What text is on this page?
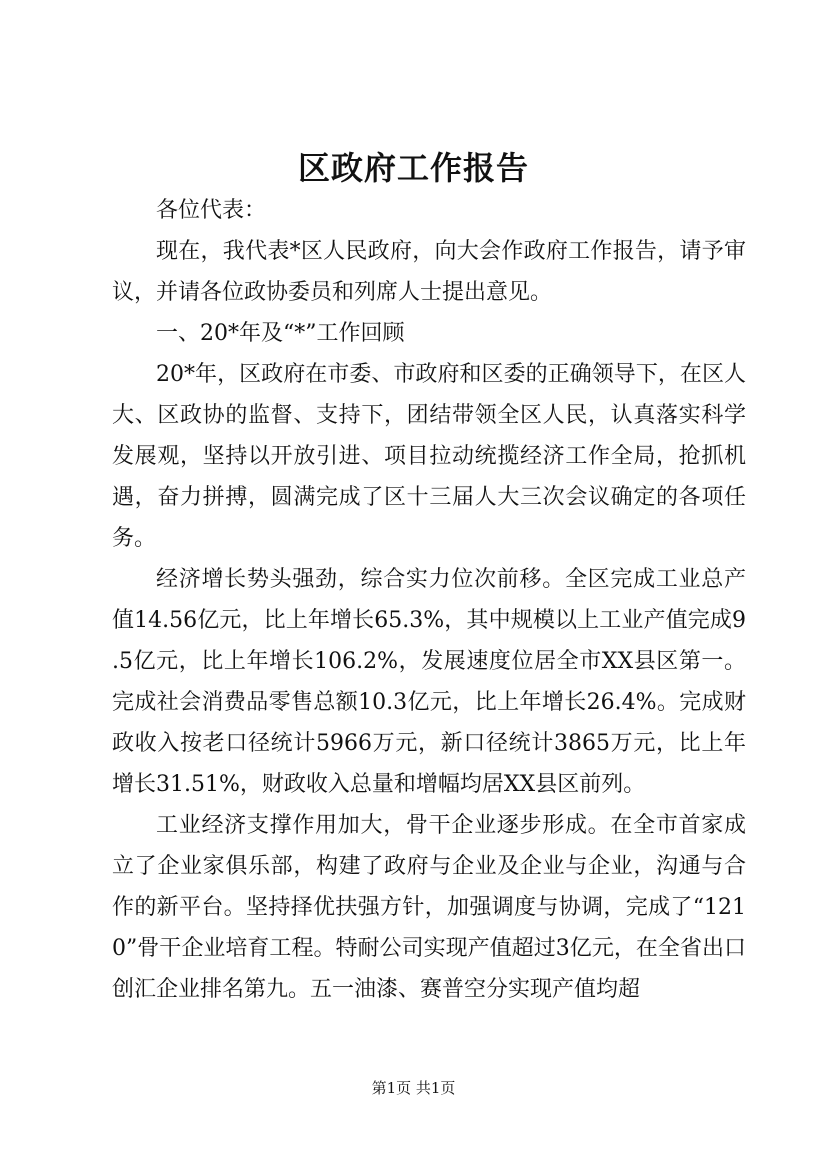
区政府工作报告

各位代表：

现在，我代表*区人民政府，向大会作政府工作报告，请予审议，并请各位政协委员和列席人士提出意见。

一、20*年及“*”工作回顾

20*年，区政府在市委、市政府和区委的正确领导下，在区人大、区政协的监督、支持下，团结带领全区人民，认真落实科学发展观，坚持以开放引进、项目拉动统揽经济工作全局，抢抓机遇，奋力拼搏，圆满完成了区十三届人大三次会议确定的各项任务。

经济增长势头强劲，综合实力位次前移。全区完成工业总产值14.56亿元，比上年增长65.3%，其中规模以上工业产值完成9.5亿元，比上年增长106.2%，发展速度位居全市XX县区第一。完成社会消费品零售总额10.3亿元，比上年增长26.4%。完成财政收入按老口径统计5966万元，新口径统计3865万元，比上年增长31.51%，财政收入总量和增幅均居XX县区前列。

工业经济支撑作用加大，骨干企业逐步形成。在全市首家成立了企业家俱乐部，构建了政府与企业及企业与企业，沟通与合作的新平台。坚持择优扶强方针，加强调度与协调，完成了“1210”骨干企业培育工程。特耐公司实现产值超过3亿元，在全省出口创汇企业排名第九。五一油漆、赛普空分实现产值均超

第1页 共1页
